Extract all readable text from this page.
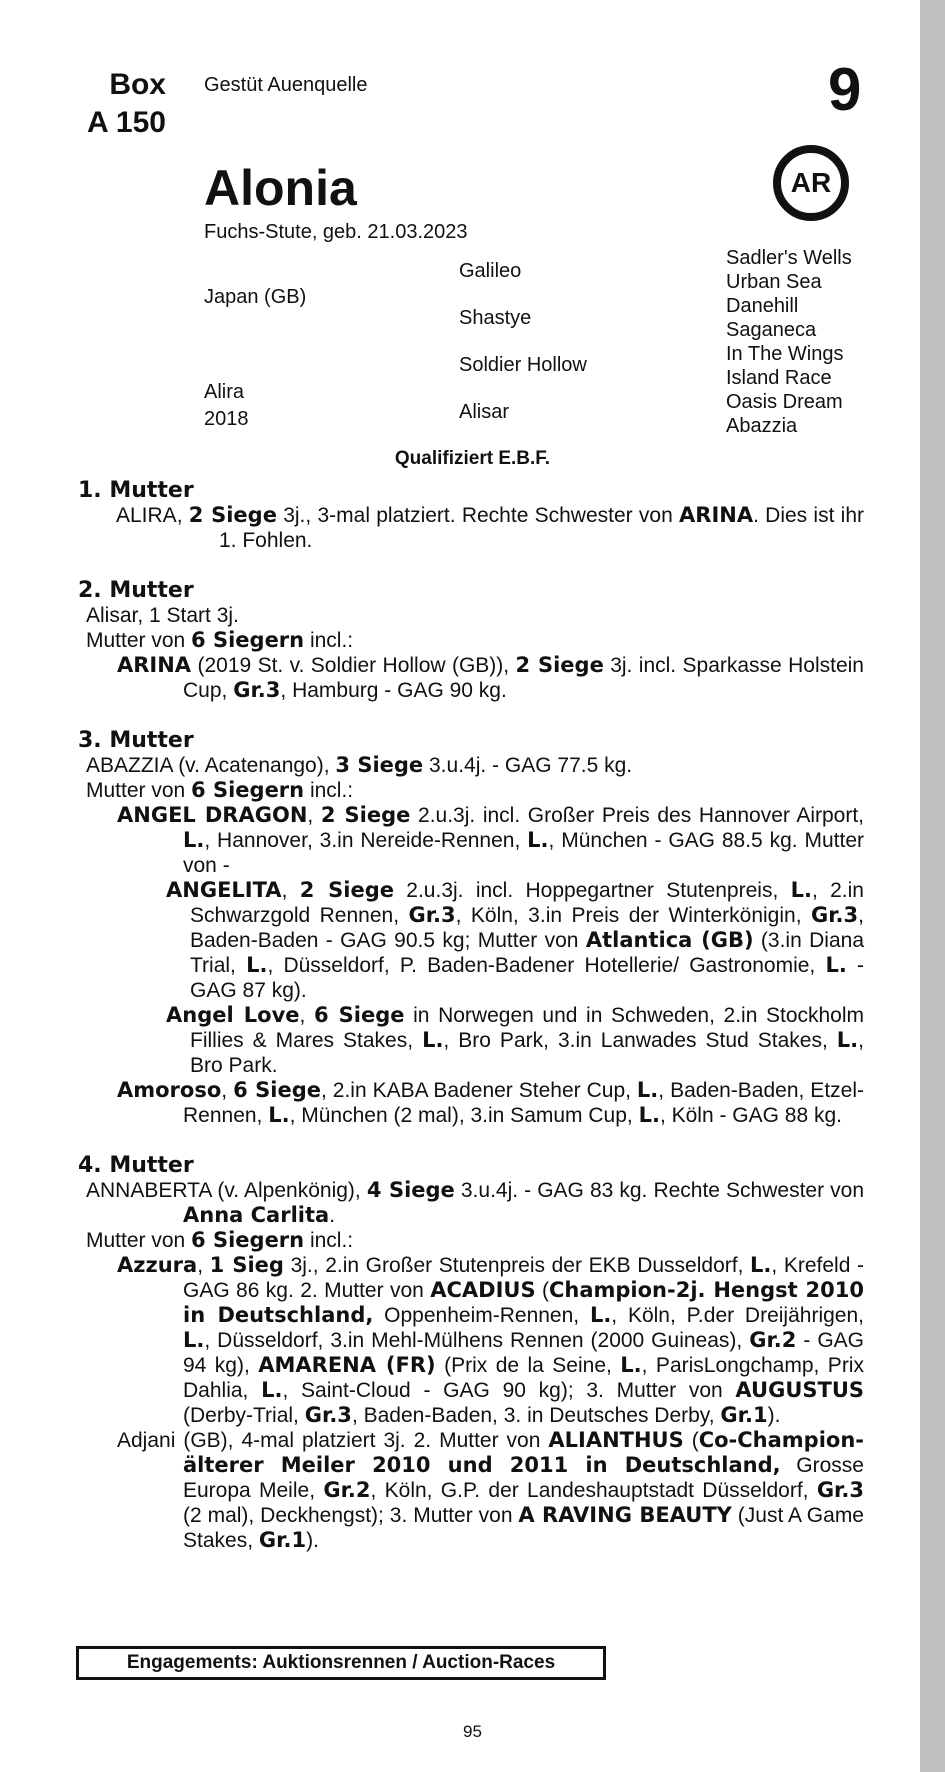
Box
A 150
Gestüt Auenquelle	9
AR
Alonia
Fuchs-Stute, geb. 21.03.2023
Japan (GB)
Alira
2018
Galileo
Shastye
Soldier Hollow
Alisar
Sadler's Wells
Urban Sea
Danehill
Saganeca
In The Wings
Island Race
Oasis Dream
Abazzia
Qualifiziert E.B.F.
1. Mutter

ALIRA, 2 Siege 3j., 3-mal platziert. Rechte Schwester von ARINA. Dies ist ihr 1. Fohlen.

2. Mutter

Alisar, 1 Start 3j.

Mutter von 6 Siegern incl.:

ARINA (2019 St. v. Soldier Hollow (GB)), 2 Siege 3j. incl. Sparkasse Holstein Cup, Gr.3, Hamburg - GAG 90 kg.

3. Mutter

ABAZZIA (v. Acatenango), 3 Siege 3.u.4j. - GAG 77.5 kg.

Mutter von 6 Siegern incl.:

ANGEL DRAGON, 2 Siege 2.u.3j. incl. Großer Preis des Hannover Airport, L., Hannover, 3.in Nereide-Rennen, L., München - GAG 88.5 kg. Mutter von -

ANGELITA, 2 Siege 2.u.3j. incl. Hoppegartner Stutenpreis, L., 2.in Schwarzgold Rennen, Gr.3, Köln, 3.in Preis der Winterkönigin, Gr.3, Baden-Baden - GAG 90.5 kg; Mutter von Atlantica (GB) (3.in Diana Trial, L., Düsseldorf, P. Baden-Badener Hotellerie/ Gastronomie, L. - GAG 87 kg).

Angel Love, 6 Siege in Norwegen und in Schweden, 2.in Stockholm Fillies & Mares Stakes, L., Bro Park, 3.in Lanwades Stud Stakes, L., Bro Park.

Amoroso, 6 Siege, 2.in KABA Badener Steher Cup, L., Baden-Baden, Etzel- Rennen, L., München (2 mal), 3.in Samum Cup, L., Köln - GAG 88 kg.

4. Mutter

ANNABERTA (v. Alpenkönig), 4 Siege 3.u.4j. - GAG 83 kg. Rechte Schwester von Anna Carlita.

Mutter von 6 Siegern incl.:

Azzura, 1 Sieg 3j., 2.in Großer Stutenpreis der EKB Dusseldorf, L., Krefeld - GAG 86 kg. 2. Mutter von ACADIUS (Champion-2j. Hengst 2010 in Deutschland, Oppenheim-Rennen, L., Köln, P.der Dreijährigen, L., Düsseldorf, 3.in Mehl-Mülhens Rennen (2000 Guineas), Gr.2 - GAG 94 kg), AMARENA (FR) (Prix de la Seine, L., ParisLongchamp, Prix Dahlia, L., Saint-Cloud - GAG 90 kg); 3. Mutter von AUGUSTUS (Derby-Trial, Gr.3, Baden-Baden, 3. in Deutsches Derby, Gr.1).

Adjani (GB), 4-mal platziert 3j. 2. Mutter von ALIANTHUS (Co-Champion-älterer Meiler 2010 und 2011 in Deutschland, Grosse Europa Meile, Gr.2, Köln, G.P. der Landeshauptstadt Düsseldorf, Gr.3 (2 mal), Deckhengst); 3. Mutter von A RAVING BEAUTY (Just A Game Stakes, Gr.1).

Engagements: Auktionsrennen / Auction-Races
95
